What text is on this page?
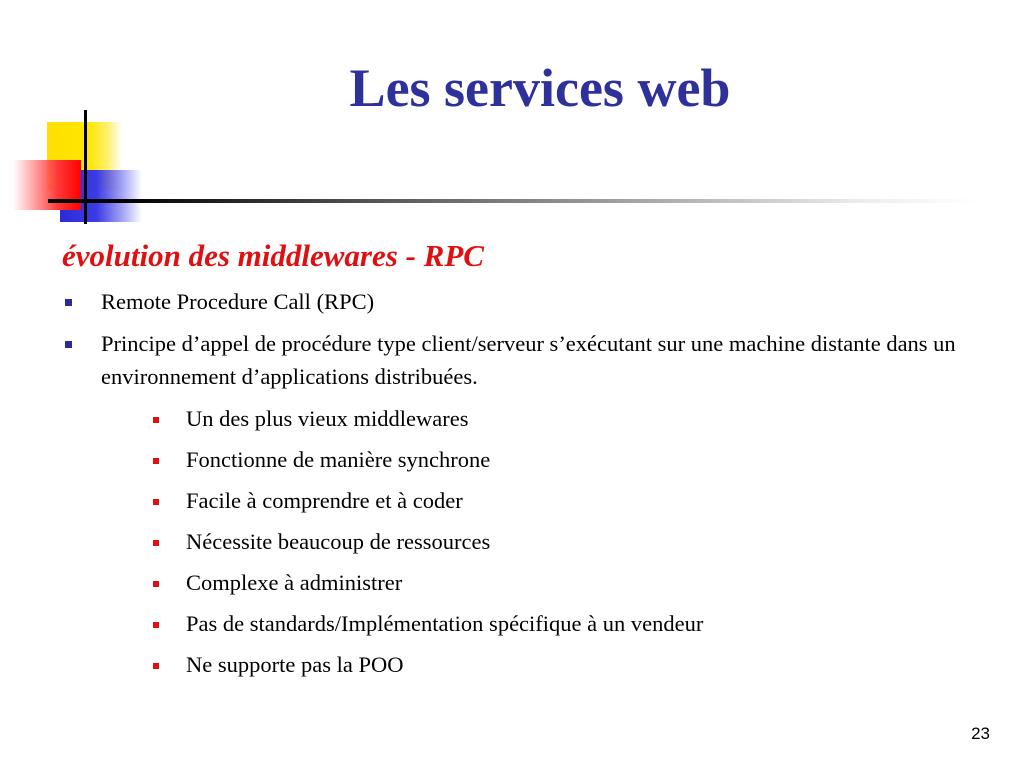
Les services web
évolution des middlewares - RPC
Remote Procedure Call (RPC)
Principe d’appel de procédure type client/serveur s’exécutant sur une machine distante dans un environnement d’applications distribuées.
Un des plus vieux middlewares
Fonctionne de manière synchrone
Facile à comprendre et à coder
Nécessite beaucoup de ressources
Complexe à administrer
Pas de standards/Implémentation spécifique à un vendeur
Ne supporte pas la POO
23
